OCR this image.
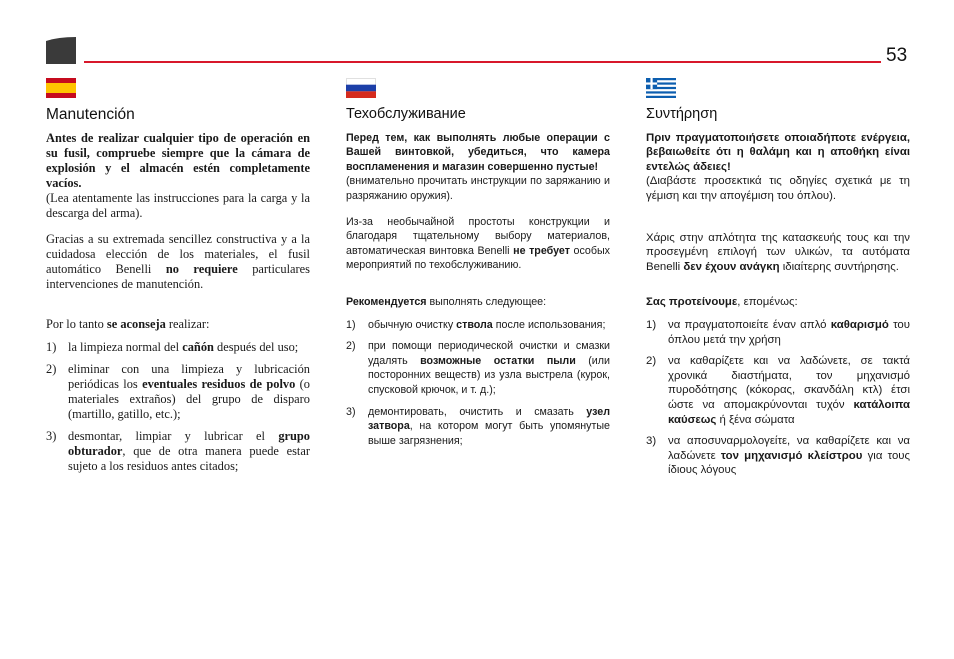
53
Manutención

Antes de realizar cualquier tipo de operación en su fusil, compruebe siempre que la cámara de explosión y el almacén estén completamente vacíos.

(Lea atentamente las instrucciones para la carga y la descarga del arma).

Gracias a su extremada sencillez constructiva y a la cuidadosa elección de los materiales, el fusil automático Benelli no requiere particulares intervenciones de manutención.

Por lo tanto se aconseja realizar:

1) la limpieza normal del cañón después del uso;
2) eliminar con una limpieza y lubricación periódicas los eventuales residuos de polvo (o materiales extraños) del grupo de disparo (martillo, gatillo, etc.);
3) desmontar, limpiar y lubricar el grupo obturador, que de otra manera puede estar sujeto a los residuos antes citados;
Техобслуживание

Перед тем, как выполнять любые операции с Вашей винтовкой, убедиться, что камера воспламенения и магазин совершенно пустые!

(внимательно прочитать инструкции по заряжанию и разряжанию оружия).

Из-за необычайной простоты конструкции и благодаря тщательному выбору материалов, автоматическая винтовка Benelli не требует особых мероприятий по техобслуживанию.

Рекомендуется выполнять следующее:

1) обычную очистку ствола после использования;
2) при помощи периодической очистки и смазки удалять возможные остатки пыли (или посторонних веществ) из узла выстрела (курок, спусковой крючок, и т. д.);
3) демонтировать, очистить и смазать узел затвора, на котором могут быть упомянутые выше загрязнения;
Συντήρηση

Πριν πραγματοποιήσετε οποιαδήποτε ενέργεια, βεβαιωθείτε ότι η θαλάμη και η αποθήκη είναι εντελώς άδειες!

(Διαβάστε προσεκτικά τις οδηγίες σχετικά με τη γέμιση και την απογέμιση του όπλου).

Χάρις στην απλότητα της κατασκευής τους και την προσεγμένη επιλογή των υλικών, τα αυτόματα Benelli δεν έχουν ανάγκη ιδιαίτερης συντήρησης.

Σας προτείνουμε, επομένως:

1) να πραγματοποιείτε έναν απλό καθαρισμό του όπλου μετά την χρήση
2) να καθαρίζετε και να λαδώνετε, σε τακτά χρονικά διαστήματα, τον μηχανισμό πυροδότησης (κόκορας, σκανδάλη κτλ) έτσι ώστε να απομακρύνονται τυχόν κατάλοιπα καύσεως ή ξένα σώματα
3) να αποσυναρμολογείτε, να καθαρίζετε και να λαδώνετε τον μηχανισμό κλείστρου για τους ίδιους λόγους
